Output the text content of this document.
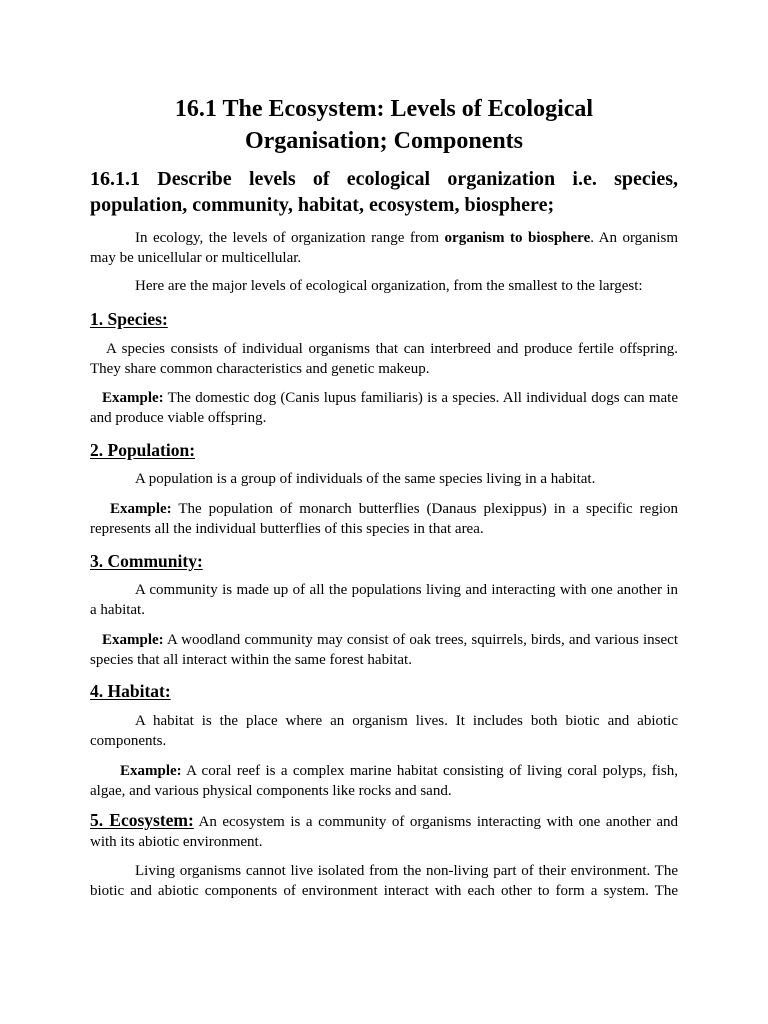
16.1 The Ecosystem: Levels of Ecological
Organisation; Components
16.1.1 Describe levels of ecological organization i.e. species, population, community, habitat, ecosystem, biosphere;

In ecology, the levels of organization range from organism to biosphere. An organism may be unicellular or multicellular.

Here are the major levels of ecological organization, from the smallest to the largest:

1. Species:

A species consists of individual organisms that can interbreed and produce fertile offspring. They share common characteristics and genetic makeup.

Example: The domestic dog (Canis lupus familiaris) is a species. All individual dogs can mate and produce viable offspring.

2. Population:

A population is a group of individuals of the same species living in a habitat.

Example: The population of monarch butterflies (Danaus plexippus) in a specific region represents all the individual butterflies of this species in that area.

3. Community:

A community is made up of all the populations living and interacting with one another in a habitat.

Example: A woodland community may consist of oak trees, squirrels, birds, and various insect species that all interact within the same forest habitat.

4. Habitat:

A habitat is the place where an organism lives. It includes both biotic and abiotic components.

Example: A coral reef is a complex marine habitat consisting of living coral polyps, fish, algae, and various physical components like rocks and sand.

5. Ecosystem: An ecosystem is a community of organisms interacting with one another and with its abiotic environment.

Living organisms cannot live isolated from the non-living part of their environment. The biotic and abiotic components of environment interact with each other to form a system. The
